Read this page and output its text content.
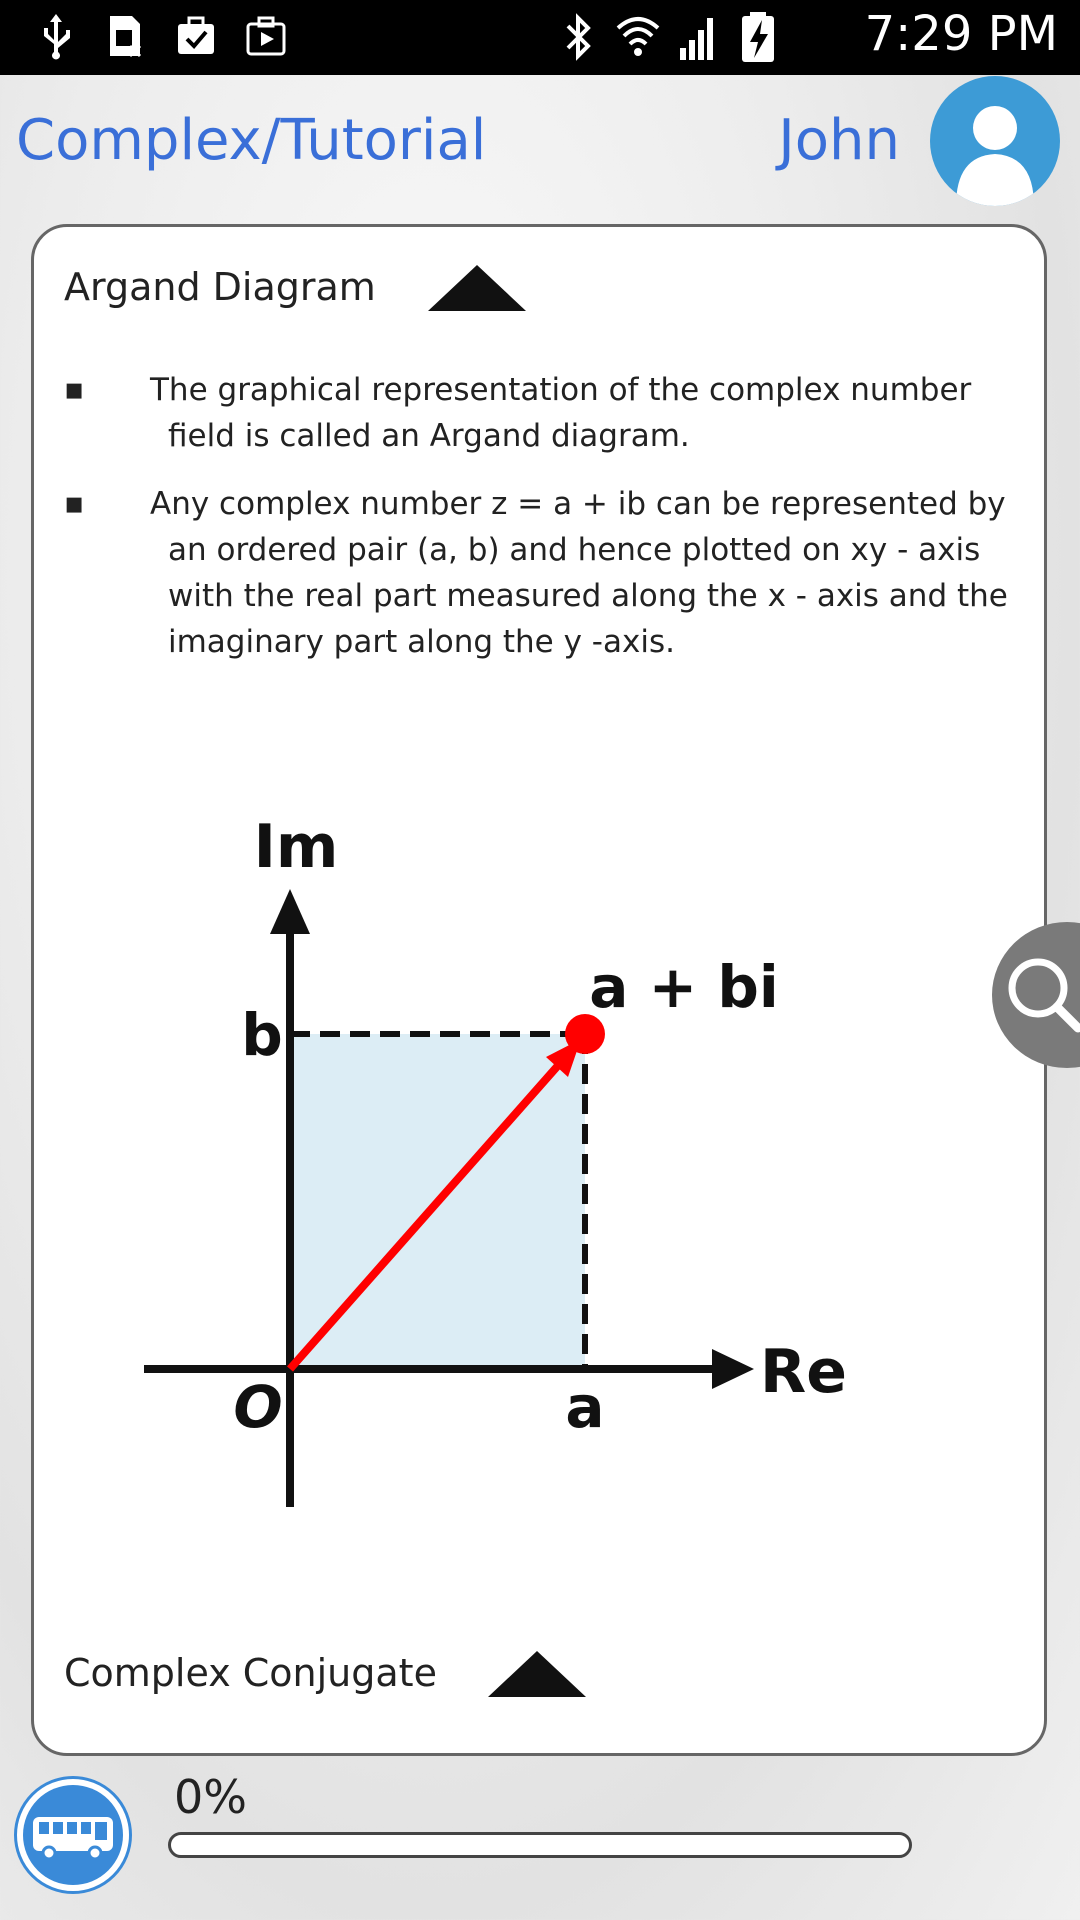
7:29 PM
Complex/Tutorial	John
Argand Diagram
▪ The graphical representation of the complex number field is called an Argand diagram.
▪ Any complex number z = a + ib can be represented by an ordered pair (a, b) and hence plotted on xy - axis with the real part measured along the x - axis and the imaginary part along the y -axis.
Im
Re
O	a
b
a + bi
Complex Conjugate
0%
